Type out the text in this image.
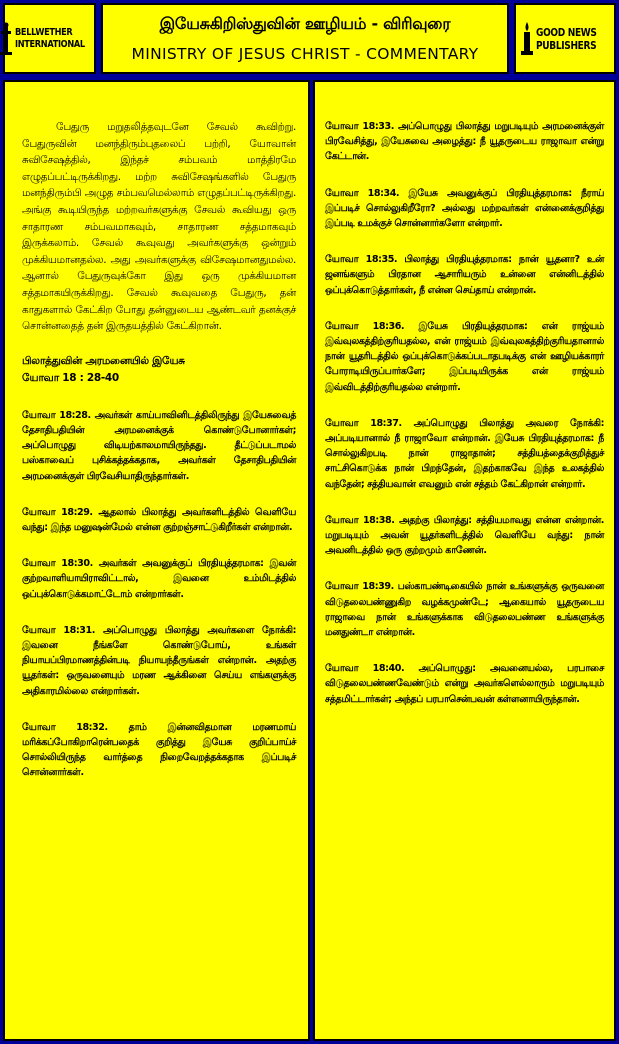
BELLWETHER
INTERNATIONAL
இயேசுகிறிஸ்துவின் ஊழியம் - விரிவுரை
MINISTRY OF JESUS CHRIST - COMMENTARY
GOOD NEWS
PUBLISHERS

பேதுரு மறுதலித்தவுடனே சேவல் கூவிற்று. பேதுருவின் மனந்திரும்புதலைப் பற்றி, யோவான் சுவிசேஷத்தில், இந்தச் சம்பவம் மாத்திரமே எழுதப்பட்டிருக்கிறது. மற்ற சுவிசேஷங்களில் பேதுரு மனந்திரும்பி அழுத சம்பவமெல்லாம் எழுதப்பட்டிருக்கிறது. அங்கு கூடியிருந்த மற்றவர்களுக்கு சேவல் கூவியது ஒரு சாதாரண சம்பவமாகவும், சாதாரண சத்தமாகவும் இருக்கலாம். சேவல் கூவுவது அவர்களுக்கு ஒன்றும் முக்கியமானதல்ல. அது அவர்களுக்கு விசேஷமானதுமல்ல. ஆனால் பேதுருவுக்கோ இது ஒரு முக்கியமான சத்தமாகயிருக்கிறது. சேவல் கூவுவதை பேதுரு, தன் காதுகளால் கேட்கிற போது தன்னுடைய ஆண்டவர் தனக்குச் சொன்னதைத் தன் இருதயத்தில் கேட்கிறான்.

பிலாத்துவின் அரமனையில் இயேசு
யோவா 18 : 28-40

யோவா 18:28. அவர்கள் காய்பாவினிடத்திலிருந்து இயேசுவைத் தேசாதிபதியின் அரமனைக்குக் கொண்டுபோனார்கள்; அப்பொழுது விடியற்காலமாயிருந்தது. தீட்டுப்படாமல் பஸ்காவைப் புசிக்கத்தக்கதாக, அவர்கள் தேசாதிபதியின் அரமனைக்குள் பிரவேசியாதிருந்தார்கள்.

யோவா 18:29. ஆதலால் பிலாத்து அவர்களிடத்தில் வெளியே வந்து: இந்த மனுஷன்மேல் என்ன குற்றஞ்சாட்டுகிறீர்கள் என்றான்.

யோவா 18:30. அவர்கள் அவனுக்குப் பிரதியுத்தரமாக: இவன் குற்றவாளியாயிராவிட்டால், இவனை உம்மிடத்தில் ஒப்புக்கொடுக்கமாட்டோம் என்றார்கள்.

யோவா 18:31. அப்பொழுது பிலாத்து அவர்களை நோக்கி: இவனை நீங்களே கொண்டுபோய், உங்கள் நியாயப்பிரமாணத்தின்படி நியாயந்தீருங்கள் என்றான். அதற்கு யூதர்கள்: ஒருவனையும் மரண ஆக்கினை செய்ய எங்களுக்கு அதிகாரமில்லை என்றார்கள்.

யோவா 18:32. தாம் இன்னவிதமான மரணமாய் மரிக்கப்போகிறாரென்பதைக் குறித்து இயேசு குறிப்பாய்ச் சொல்லியிருந்த வார்த்தை நிறைவேறத்தக்கதாக இப்படிச் சொன்னார்கள்.

யோவா 18:33. அப்பொழுது பிலாத்து மறுபடியும் அரமனைக்குள் பிரவேசித்து, இயேசுவை அழைத்து: நீ யூதருடைய ராஜாவா என்று கேட்டான்.

யோவா 18:34. இயேசு அவனுக்குப் பிரதியுத்தரமாக: நீராய் இப்படிச் சொல்லுகிறீரோ? அல்லது மற்றவர்கள் என்னைக்குறித்து இப்படி உமக்குச் சொன்னார்களோ என்றார்.

யோவா 18:35. பிலாத்து பிரதியுத்தரமாக: நான் யூதனா? உன் ஜனங்களும் பிரதான ஆசாரியரும் உன்னை என்னிடத்தில் ஒப்புக்கொடுத்தார்கள், நீ என்ன செய்தாய் என்றான்.

யோவா 18:36. இயேசு பிரதியுத்தரமாக: என் ராஜ்யம் இவ்வுலகத்திற்குரியதல்ல, என் ராஜ்யம் இவ்வுலகத்திற்குரியதானால் நான் யூதரிடத்தில் ஒப்புக்கொடுக்கப்படாதபடிக்கு என் ஊழியக்காரர் போராடியிருப்பார்களே; இப்படியிருக்க என் ராஜ்யம் இவ்விடத்திற்குரியதல்ல என்றார்.

யோவா 18:37. அப்பொழுது பிலாத்து அவரை நோக்கி: அப்படியானால் நீ ராஜாவோ என்றான். இயேசு பிரதியுத்தரமாக: நீ சொல்லுகிறபடி நான் ராஜாதான்; சத்தியத்தைக்குறித்துச் சாட்சிகொடுக்க நான் பிறந்தேன், இதற்காகவே இந்த உலகத்தில் வந்தேன்; சத்தியவான் எவனும் என் சத்தம் கேட்கிறான் என்றார்.

யோவா 18:38. அதற்கு பிலாத்து: சத்தியமாவது என்ன என்றான். மறுபடியும் அவன் யூதர்களிடத்தில் வெளியே வந்து: நான் அவனிடத்தில் ஒரு குற்றமும் காணேன்.

யோவா 18:39. பஸ்காபண்டிகையில் நான் உங்களுக்கு ஒருவனை விடுதலைபண்ணுகிற வழக்கமுண்டே; ஆகையால் யூதருடைய ராஜாவை நான் உங்களுக்காக விடுதலைபண்ண உங்களுக்கு மனதுண்டா என்றான்.

யோவா 18:40. அப்பொழுது: அவனையல்ல, பரபாசை விடுதலைபண்ணவேண்டும் என்று அவர்களெல்லாரும் மறுபடியும் சத்தமிட்டார்கள்; அந்தப் பரபாசென்பவன் கள்ளனாயிருந்தான்.
